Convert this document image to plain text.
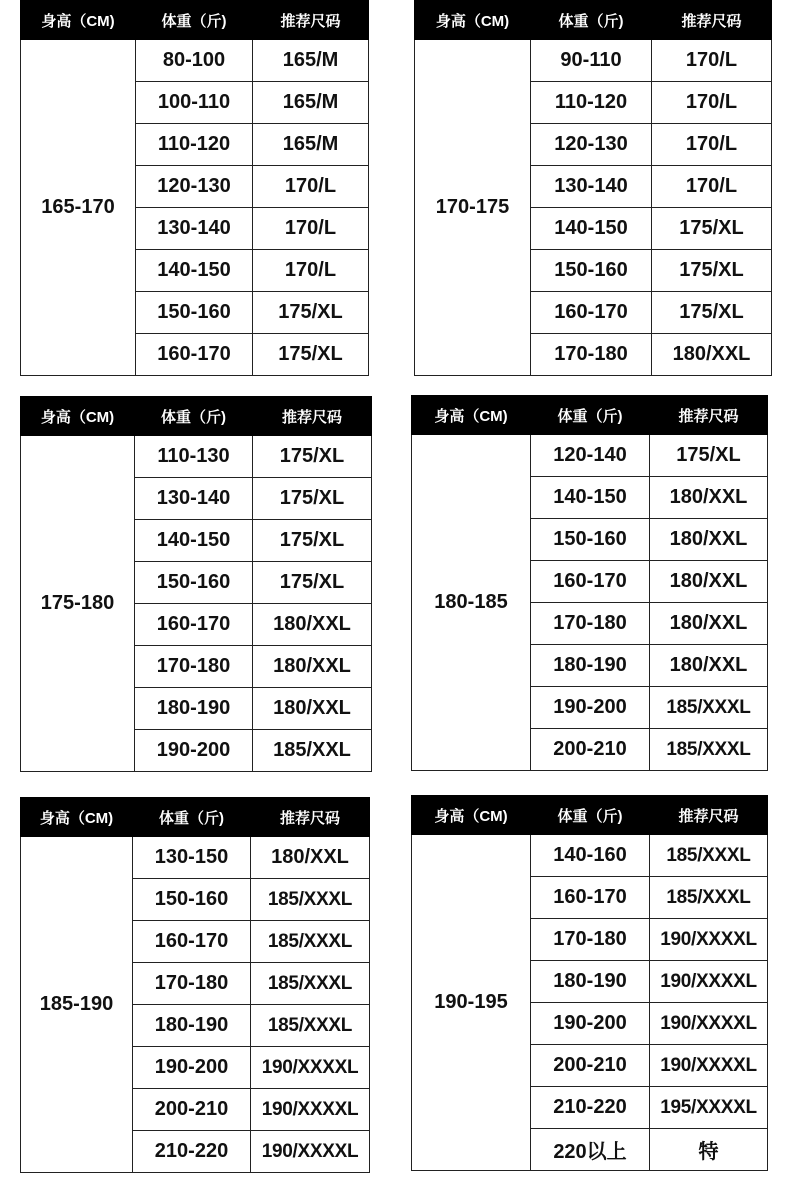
身高（CM)	体重（斤)	推荐尺码
165-170	80-100	165/M
	100-110	165/M
	110-120	165/M
	120-130	170/L
	130-140	170/L
	140-150	170/L
	150-160	175/XL
	160-170	175/XL
身高（CM)	体重（斤)	推荐尺码
170-175	90-110	170/L
	110-120	170/L
	120-130	170/L
	130-140	170/L
	140-150	175/XL
	150-160	175/XL
	160-170	175/XL
	170-180	180/XXL
身高（CM)	体重（斤)	推荐尺码
175-180	110-130	175/XL
	130-140	175/XL
	140-150	175/XL
	150-160	175/XL
	160-170	180/XXL
	170-180	180/XXL
	180-190	180/XXL
	190-200	185/XXL
身高（CM)	体重（斤)	推荐尺码
180-185	120-140	175/XL
	140-150	180/XXL
	150-160	180/XXL
	160-170	180/XXL
	170-180	180/XXL
	180-190	180/XXL
	190-200	185/XXXL
	200-210	185/XXXL
身高（CM)	体重（斤)	推荐尺码
185-190	130-150	180/XXL
	150-160	185/XXXL
	160-170	185/XXXL
	170-180	185/XXXL
	180-190	185/XXXL
	190-200	190/XXXXL
	200-210	190/XXXXL
	210-220	190/XXXXL
身高（CM)	体重（斤)	推荐尺码
190-195	140-160	185/XXXL
	160-170	185/XXXL
	170-180	190/XXXXL
	180-190	190/XXXXL
	190-200	190/XXXXL
	200-210	190/XXXXL
	210-220	195/XXXXL
	220以上	特
